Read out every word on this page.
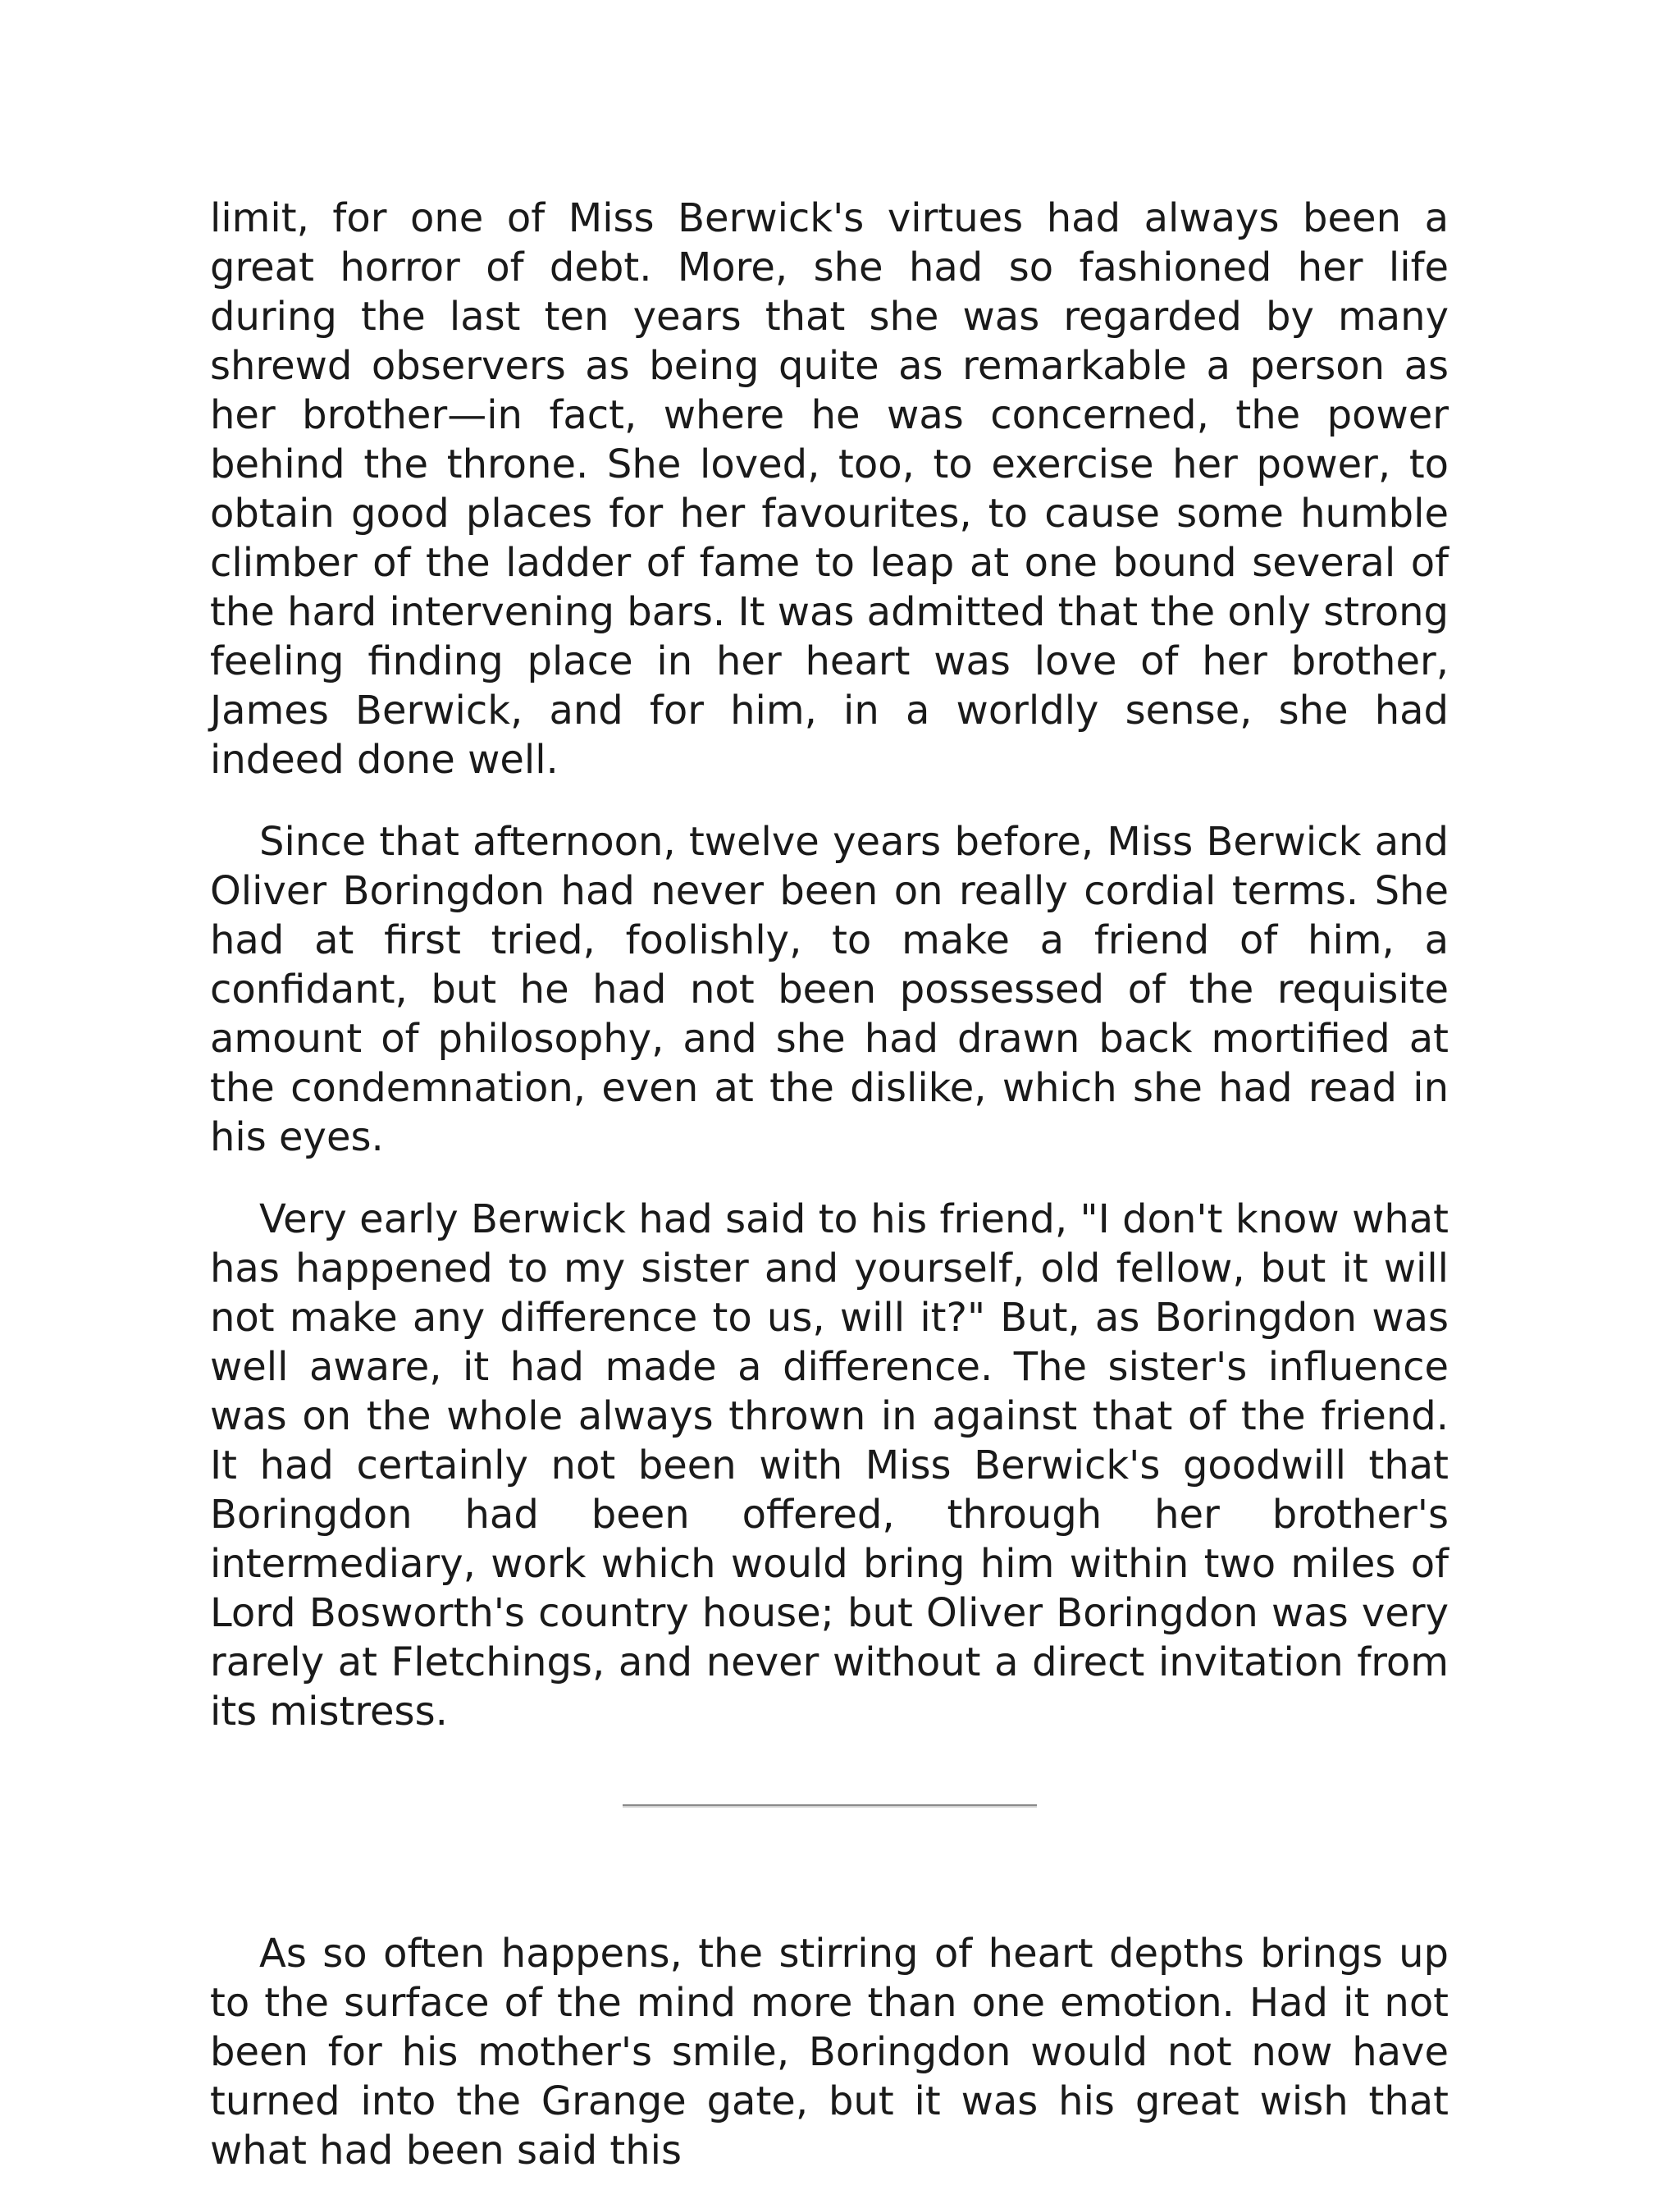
limit, for one of Miss Berwick's virtues had always been a great horror of debt. More, she had so fashioned her life during the last ten years that she was regarded by many shrewd observers as being quite as remarkable a person as her brother—in fact, where he was concerned, the power behind the throne. She loved, too, to exercise her power, to obtain good places for her favourites, to cause some humble climber of the ladder of fame to leap at one bound several of the hard intervening bars. It was admitted that the only strong feeling finding place in her heart was love of her brother, James Berwick, and for him, in a worldly sense, she had indeed done well.

Since that afternoon, twelve years before, Miss Berwick and Oliver Boringdon had never been on really cordial terms. She had at first tried, foolishly, to make a friend of him, a confidant, but he had not been possessed of the requisite amount of philosophy, and she had drawn back mortified at the condemnation, even at the dislike, which she had read in his eyes.

Very early Berwick had said to his friend, "I don't know what has happened to my sister and yourself, old fellow, but it will not make any difference to us, will it?" But, as Boringdon was well aware, it had made a difference. The sister's influence was on the whole always thrown in against that of the friend. It had certainly not been with Miss Berwick's goodwill that Boringdon had been offered, through her brother's intermediary, work which would bring him within two miles of Lord Bosworth's country house; but Oliver Boringdon was very rarely at Fletchings, and never without a direct invitation from its mistress.

As so often happens, the stirring of heart depths brings up to the surface of the mind more than one emotion. Had it not been for his mother's smile, Boringdon would not now have turned into the Grange gate, but it was his great wish that what had been said this
